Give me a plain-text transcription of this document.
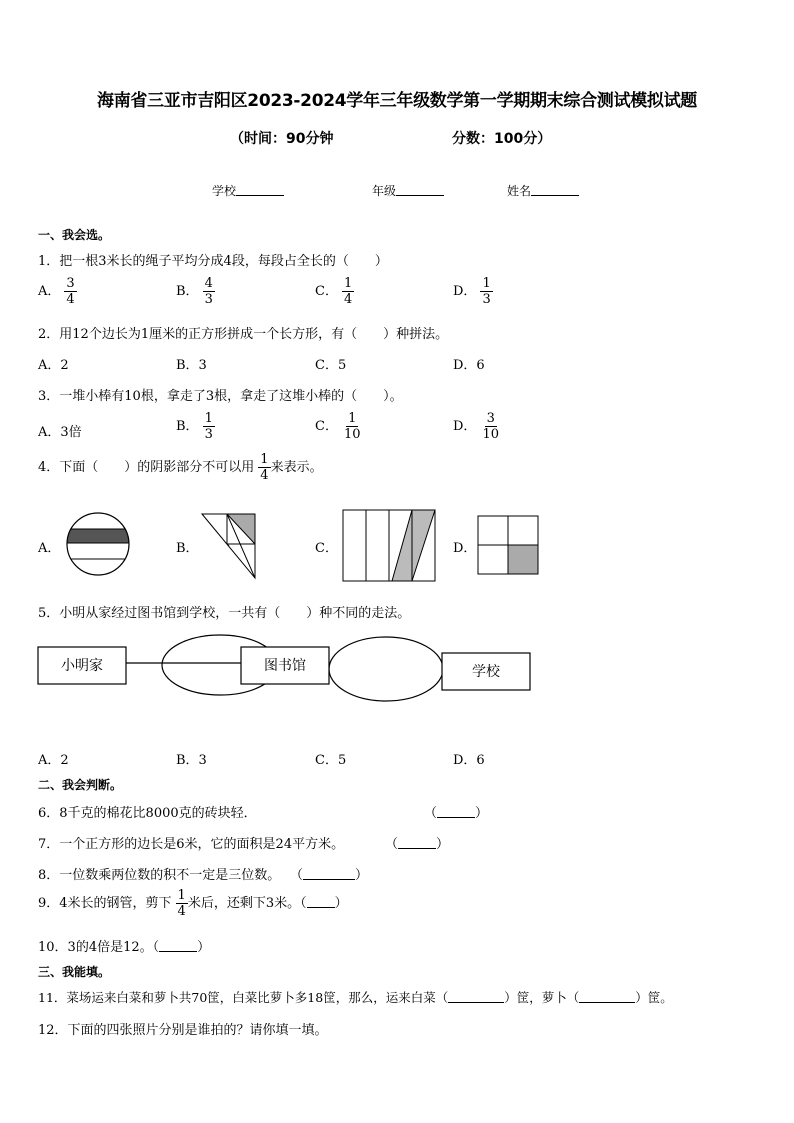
海南省三亚市吉阳区2023-2024学年三年级数学第一学期期末综合测试模拟试题
（时间：90分钟	分数：100分）
学校	年级	姓名
一、我会选。
1．把一根3米长的绳子平均分成4段，每段占全长的（　　）
A． $\frac{3}{4}$	B． $\frac{4}{3}$	C． $\frac{1}{4}$	D． $\frac{1}{3}$
2．用12个边长为1厘米的正方形拼成一个长方形，有（　　）种拼法。
A．2	B．3	C．5	D．6
3．一堆小棒有10根，拿走了3根，拿走了这堆小棒的（　　）。
A．3倍	B． $\frac{1}{3}$	C． $\frac{1}{10}$	D． $\frac{3}{10}$
4．下面（　　）的阴影部分不可以用 $\frac{1}{4}$ 来表示。
A．	B．	C．	D．
5．小明从家经过图书馆到学校，一共有（　　）种不同的走法。
小明家	图书馆	学校
A．2	B．3	C．5	D．6
二、我会判断。
6．8千克的棉花比8000克的砖块轻．	（	）
7．一个正方形的边长是6米，它的面积是24平方米。	（	）
8．一位数乘两位数的积不一定是三位数。 （	）
9．4米长的钢管，剪下 $\frac{1}{4}$ 米后，还剩下3米。（ ）
10．3的4倍是12。（	）
三、我能填。
11．菜场运来白菜和萝卜共70筐，白菜比萝卜多18筐，那么，运来白菜（	）筐，萝卜（	）筐。
12．下面的四张照片分别是谁拍的？请你填一填。
